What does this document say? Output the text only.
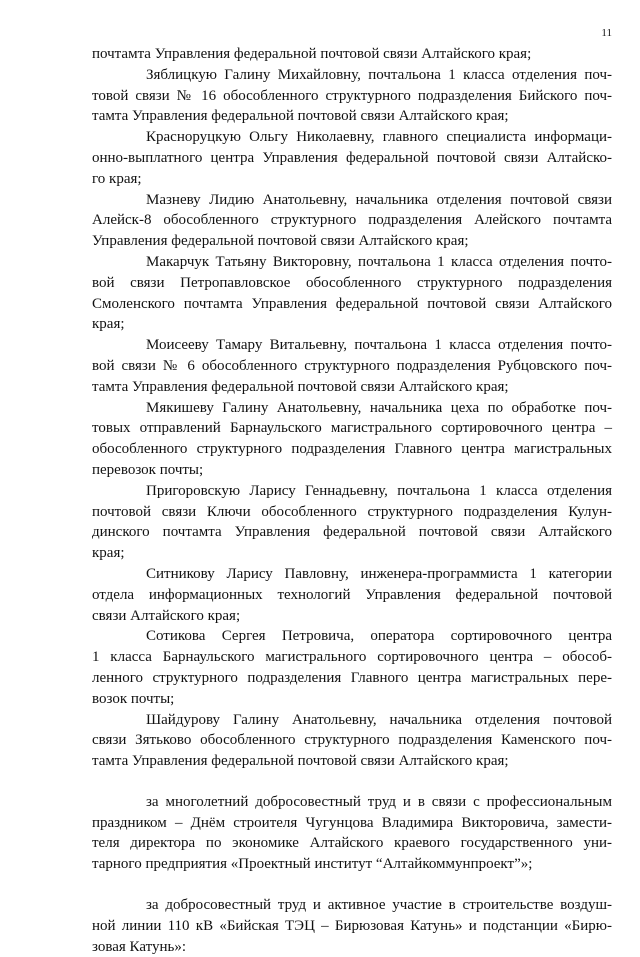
11
почтамта Управления федеральной почтовой связи Алтайского края;
Зяблицкую Галину Михайловну, почтальона 1 класса отделения поч-
товой связи № 16 обособленного структурного подразделения Бийского поч-
тамта Управления федеральной почтовой связи Алтайского края;
Красноруцкую Ольгу Николаевну, главного специалиста информаци-
онно-выплатного центра Управления федеральной почтовой связи Алтайско-
го края;
Мазневу Лидию Анатольевну, начальника отделения почтовой связи
Алейск-8 обособленного структурного подразделения Алейского почтамта
Управления федеральной почтовой связи Алтайского края;
Макарчук Татьяну Викторовну, почтальона 1 класса отделения почто-
вой связи Петропавловское обособленного структурного подразделения
Смоленского почтамта Управления федеральной почтовой связи Алтайского
края;
Моисееву Тамару Витальевну, почтальона 1 класса отделения почто-
вой связи № 6 обособленного структурного подразделения Рубцовского поч-
тамта Управления федеральной почтовой связи Алтайского края;
Мякишеву Галину Анатольевну, начальника цеха по обработке поч-
товых отправлений Барнаульского магистрального сортировочного центра –
обособленного структурного подразделения Главного центра магистральных
перевозок почты;
Пригоровскую Ларису Геннадьевну, почтальона 1 класса отделения
почтовой связи Ключи обособленного структурного подразделения Кулун-
динского почтамта Управления федеральной почтовой связи Алтайского
края;
Ситникову Ларису Павловну, инженера-программиста 1 категории
отдела информационных технологий Управления федеральной почтовой
связи Алтайского края;
Сотикова Сергея Петровича, оператора сортировочного центра
1 класса Барнаульского магистрального сортировочного центра – обособ-
ленного структурного подразделения Главного центра магистральных пере-
возок почты;
Шайдурову Галину Анатольевну, начальника отделения почтовой
связи Зятьково обособленного структурного подразделения Каменского поч-
тамта Управления федеральной почтовой связи Алтайского края;
за многолетний добросовестный труд и в связи с профессиональным
праздником – Днём строителя Чугунцова Владимира Викторовича, замести-
теля директора по экономике Алтайского краевого государственного уни-
тарного предприятия «Проектный институт “Алтайкоммунпроект”»;
за добросовестный труд и активное участие в строительстве воздуш-
ной линии 110 кВ «Бийская ТЭЦ – Бирюзовая Катунь» и подстанции «Бирю-
зовая Катунь»:
